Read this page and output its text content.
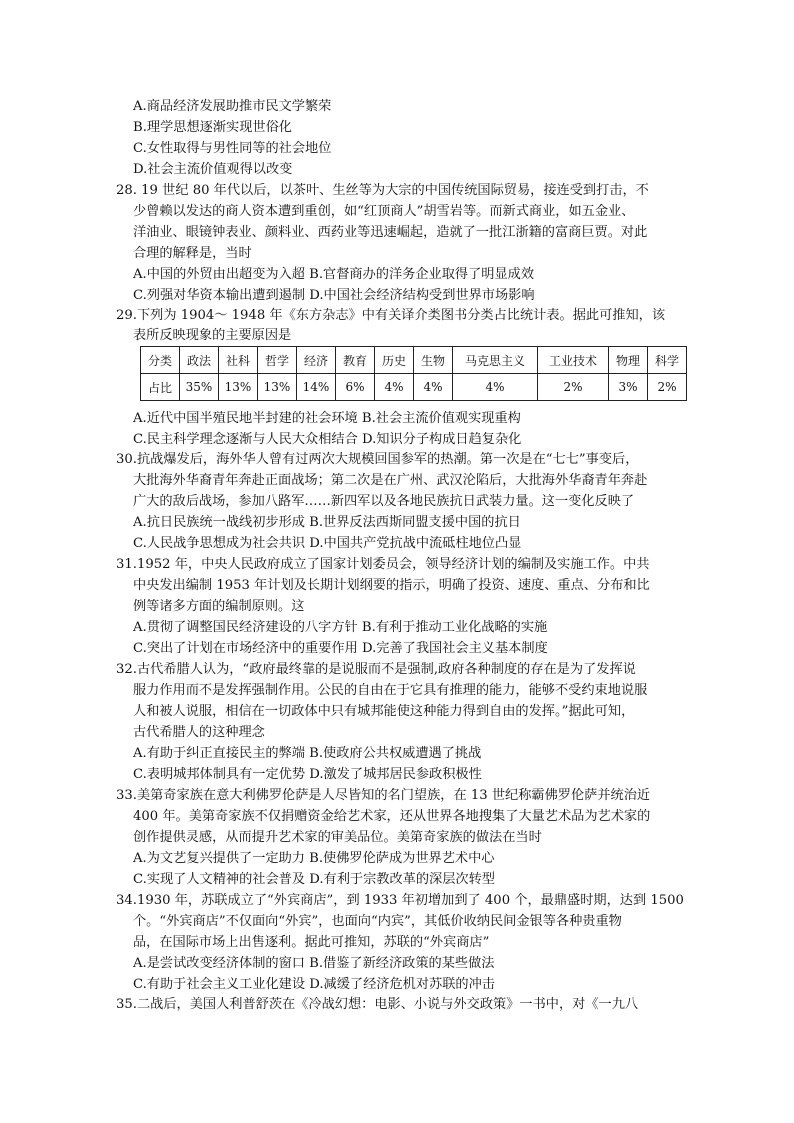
A.商品经济发展助推市民文学繁荣
B.理学思想逐渐实现世俗化
C.女性取得与男性同等的社会地位
D.社会主流价值观得以改变
28. 19 世纪 80 年代以后，以茶叶、生丝等为大宗的中国传统国际贸易，接连受到打击，不
少曾赖以发达的商人资本遭到重创，如“红顶商人”胡雪岩等。而新式商业，如五金业、
洋油业、眼镜钟表业、颜料业、西药业等迅速崛起，造就了一批江浙籍的富商巨贾。对此
合理的解释是，当时
A.中国的外贸由出超变为入超 B.官督商办的洋务企业取得了明显成效
C.列强对华资本输出遭到遏制 D.中国社会经济结构受到世界市场影响
29.下列为 1904～ 1948 年《东方杂志》中有关译介类图书分类占比统计表。据此可推知，该
表所反映现象的主要原因是
分类	政法	社科	哲学	经济	教育	历史	生物	马克思主义	工业技术	物理	科学
占比	35%	13%	13%	14%	6%	4%	4%	4%	2%	3%	2%
A.近代中国半殖民地半封建的社会环境 B.社会主流价值观实现重构
C.民主科学理念逐渐与人民大众相结合 D.知识分子构成日趋复杂化
30.抗战爆发后，海外华人曾有过两次大规模回国参军的热潮。第一次是在“七七”事变后，
大批海外华裔青年奔赴正面战场；第二次是在广州、武汉沦陷后，大批海外华裔青年奔赴
广大的敌后战场，参加八路军……新四军以及各地民族抗日武装力量。这一变化反映了
A.抗日民族统一战线初步形成 B.世界反法西斯同盟支援中国的抗日
C.人民战争思想成为社会共识 D.中国共产党抗战中流砥柱地位凸显
31.1952 年，中央人民政府成立了国家计划委员会，领导经济计划的编制及实施工作。中共
中央发出编制 1953 年计划及长期计划纲要的指示，明确了投资、速度、重点、分布和比
例等诸多方面的编制原则。这
A.贯彻了调整国民经济建设的八字方针 B.有利于推动工业化战略的实施
C.突出了计划在市场经济中的重要作用 D.完善了我国社会主义基本制度
32.古代希腊人认为，“政府最终靠的是说服而不是强制,政府各种制度的存在是为了发挥说
服力作用而不是发挥强制作用。公民的自由在于它具有推理的能力，能够不受约束地说服
人和被人说服，相信在一切政体中只有城邦能使这种能力得到自由的发挥。”据此可知，
古代希腊人的这种理念
A.有助于纠正直接民主的弊端 B.使政府公共权威遭遇了挑战
C.表明城邦体制具有一定优势 D.激发了城邦居民参政积极性
33.美第奇家族在意大利佛罗伦萨是人尽皆知的名门望族，在 13 世纪称霸佛罗伦萨并统治近
400 年。美第奇家族不仅捐赠资金给艺术家，还从世界各地搜集了大量艺术品为艺术家的
创作提供灵感，从而提升艺术家的审美品位。美第奇家族的做法在当时
A.为文艺复兴提供了一定助力 B.使佛罗伦萨成为世界艺术中心
C.实现了人文精神的社会普及 D.有利于宗教改革的深层次转型
34.1930 年，苏联成立了“外宾商店”，到 1933 年初增加到了 400 个，最鼎盛时期，达到 1500
个。“外宾商店”不仅面向“外宾”，也面向“内宾”，其低价收纳民间金银等各种贵重物
品，在国际市场上出售逐利。据此可推知，苏联的“外宾商店”
A.是尝试改变经济体制的窗口 B.借鉴了新经济政策的某些做法
C.有助于社会主义工业化建设 D.减缓了经济危机对苏联的冲击
35.二战后，美国人利普舒茨在《冷战幻想：电影、小说与外交政策》一书中，对《一九八
